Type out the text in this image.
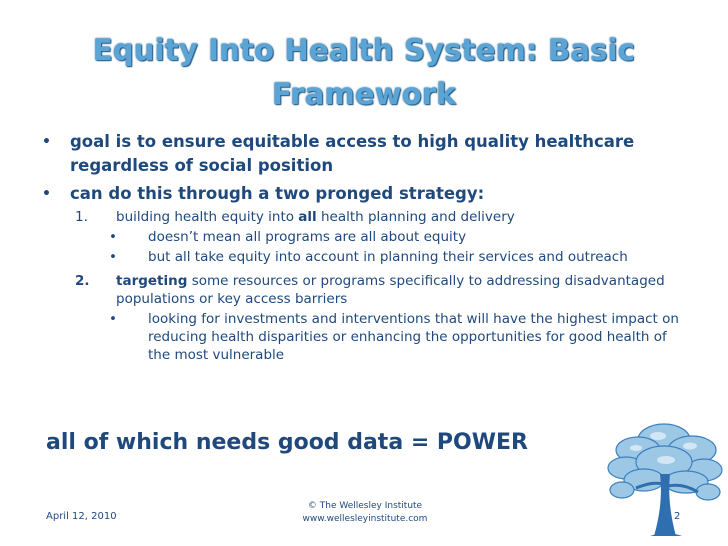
Equity Into Health System: Basic
Framework
• goal is to ensure equitable access to high quality healthcare regardless of social position
• can do this through a two pronged strategy:
1. building health equity into all health planning and delivery
• doesn’t mean all programs are all about equity
• but all take equity into account in planning their services and outreach
2. targeting some resources or programs specifically to addressing disadvantaged populations or key access barriers
• looking for investments and interventions that will have the highest impact on reducing health disparities or enhancing the opportunities for good health of the most vulnerable
all of which needs good data = POWER
April 12, 2010
© The Wellesley Institute
www.wellesleyinstitute.com	2
